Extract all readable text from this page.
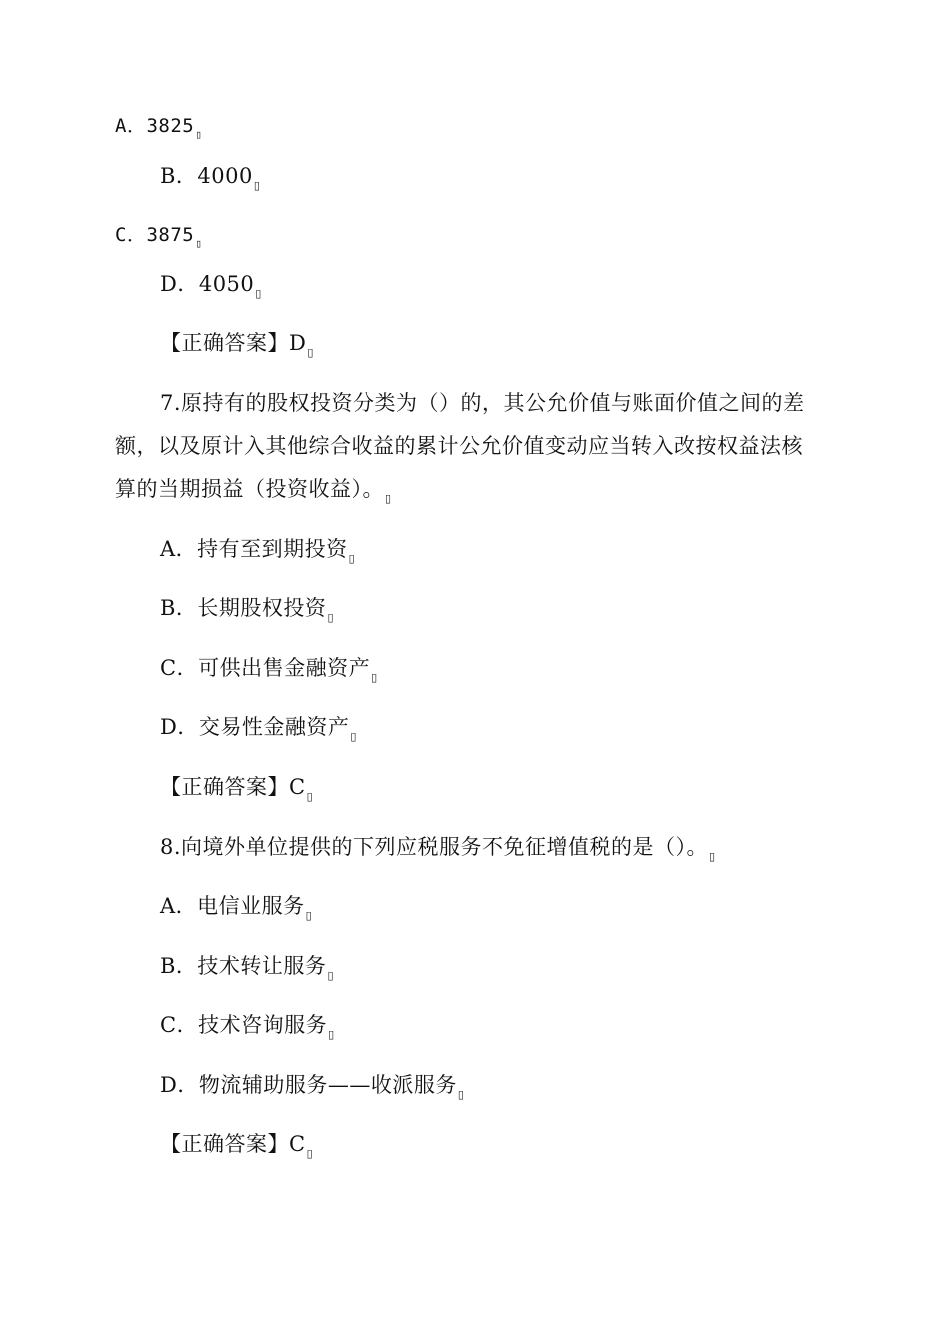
A．$3825_▯$
B．$4000_▯$
C．$3875_▯$
D．$4050_▯$
【正确答案】$D_▯$
7.原持有的股权投资分类为（）的，其公允价值与账面价值之间的差
额，以及原计入其他综合收益的累计公允价值变动应当转入改按权益法核
算的当期损益（投资收益）。$_▯$
A．持有至到期投资$_▯$
B．长期股权投资$_▯$
C．可供出售金融资产$_▯$
D．交易性金融资产$_▯$
【正确答案】$C_▯$
8.向境外单位提供的下列应税服务不免征增值税的是（）。$_▯$
A．电信业服务$_▯$
B．技术转让服务$_▯$
C．技术咨询服务$_▯$
D．物流辅助服务——收派服务$_▯$
【正确答案】$C_▯$
